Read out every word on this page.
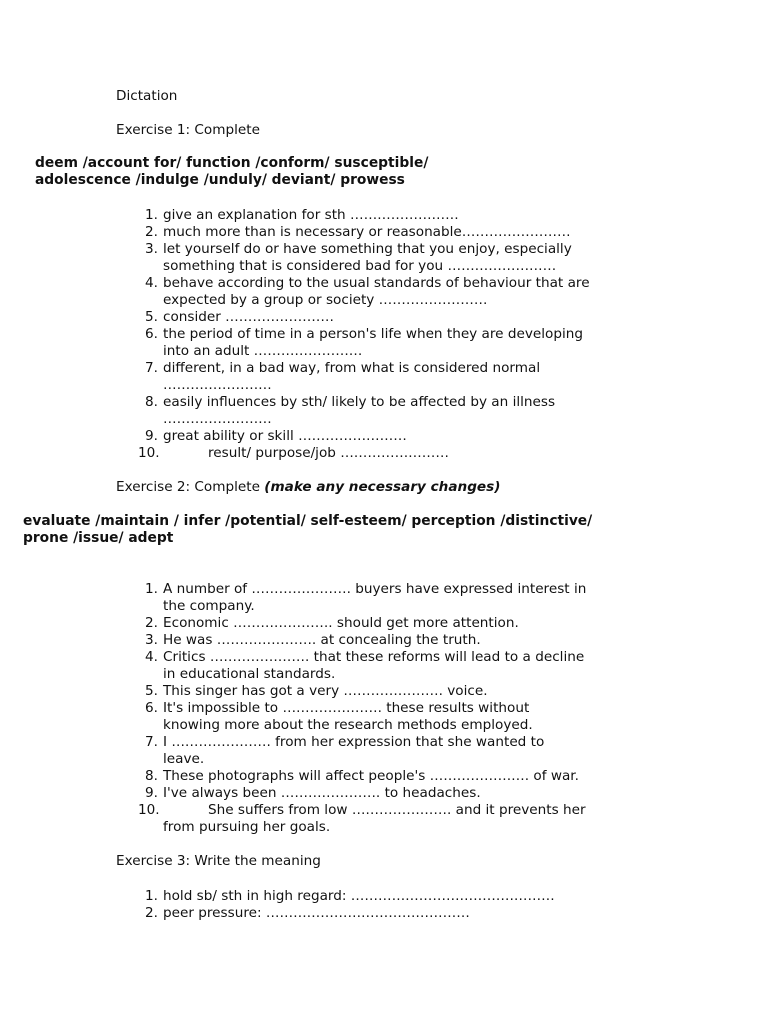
Dictation
Exercise 1: Complete
deem /account for/ function /conform/ susceptible/
adolescence /indulge /unduly/ deviant/ prowess
1. give an explanation for sth ……………………
2. much more than is necessary or reasonable……………………
3. let yourself do or have something that you enjoy, especially
something that is considered bad for you ……………………
4. behave according to the usual standards of behaviour that are
expected by a group or society ……………………
5. consider ……………………
6. the period of time in a person's life when they are developing
into an adult ……………………
7. different, in a bad way, from what is considered normal
……………………
8. easily influences by sth/ likely to be affected by an illness
……………………
9. great ability or skill ……………………
10.	result/ purpose/job ……………………
Exercise 2: Complete (make any necessary changes)
evaluate /maintain / infer /potential/ self-esteem/ perception /distinctive/
prone /issue/ adept
1. A number of …………………. buyers have expressed interest in
the company.
2. Economic …………………. should get more attention.
3. He was …………………. at concealing the truth.
4. Critics …………………. that these reforms will lead to a decline
in educational standards.
5. This singer has got a very …………………. voice.
6. It's impossible to …………………. these results without
knowing more about the research methods employed.
7. I …………………. from her expression that she wanted to
leave.
8. These photographs will affect people's …………………. of war.
9. I've always been …………………. to headaches.
10.	She suffers from low …………………. and it prevents her
from pursuing her goals.
Exercise 3: Write the meaning
1. hold sb/ sth in high regard: ………………………………………
2. peer pressure: ………………………………………
